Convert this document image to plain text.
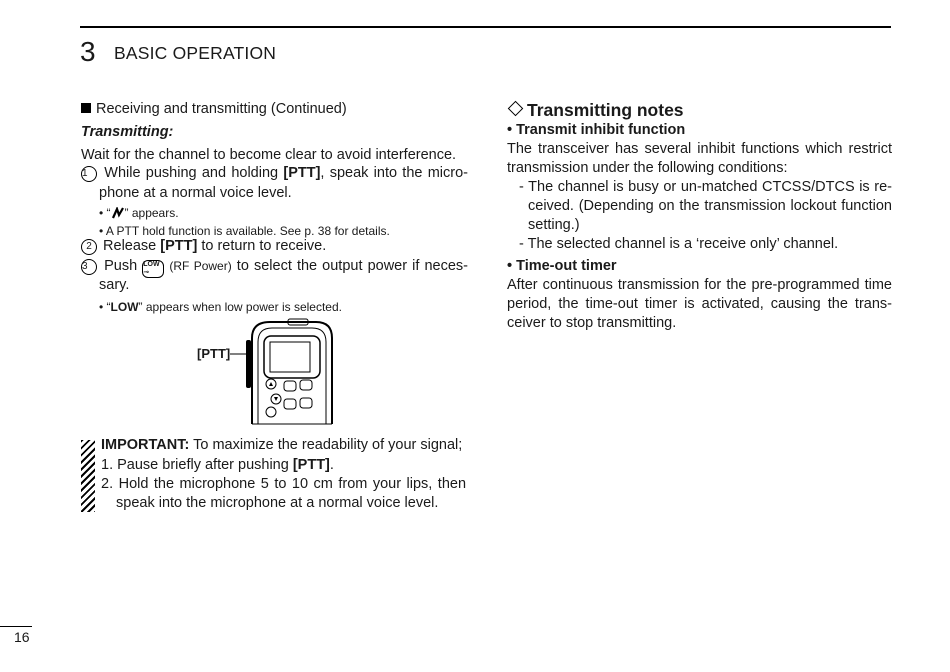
3 BASIC OPERATION
Receiving and transmitting (Continued)
Transmitting:
Wait for the channel to become clear to avoid interference.
1 While pushing and holding [PTT], speak into the micro-
phone at a normal voice level.
• “ ” appears.
• A PTT hold function is available. See p. 38 for details.
2 Release [PTT] to return to receive.
3 Push LOW
⊸ (RF Power) to select the output power if neces-
sary.
• “LOW” appears when low power is selected.
[PTT]
IMPORTANT: To maximize the readability of your signal;
1. Pause briefly after pushing [PTT].
2. Hold the microphone 5 to 10 cm from your lips, then
speak into the microphone at a normal voice level.
Transmitting notes
• Transmit inhibit function
The transceiver has several inhibit functions which restrict
transmission under the following conditions:
- The channel is busy or un-matched CTCSS/DTCS is re-
ceived. (Depending on the transmission lockout function
setting.)
- The selected channel is a ‘receive only’ channel.
• Time-out timer
After continuous transmission for the pre-programmed time
period, the time-out timer is activated, causing the trans-
ceiver to stop transmitting.
16
